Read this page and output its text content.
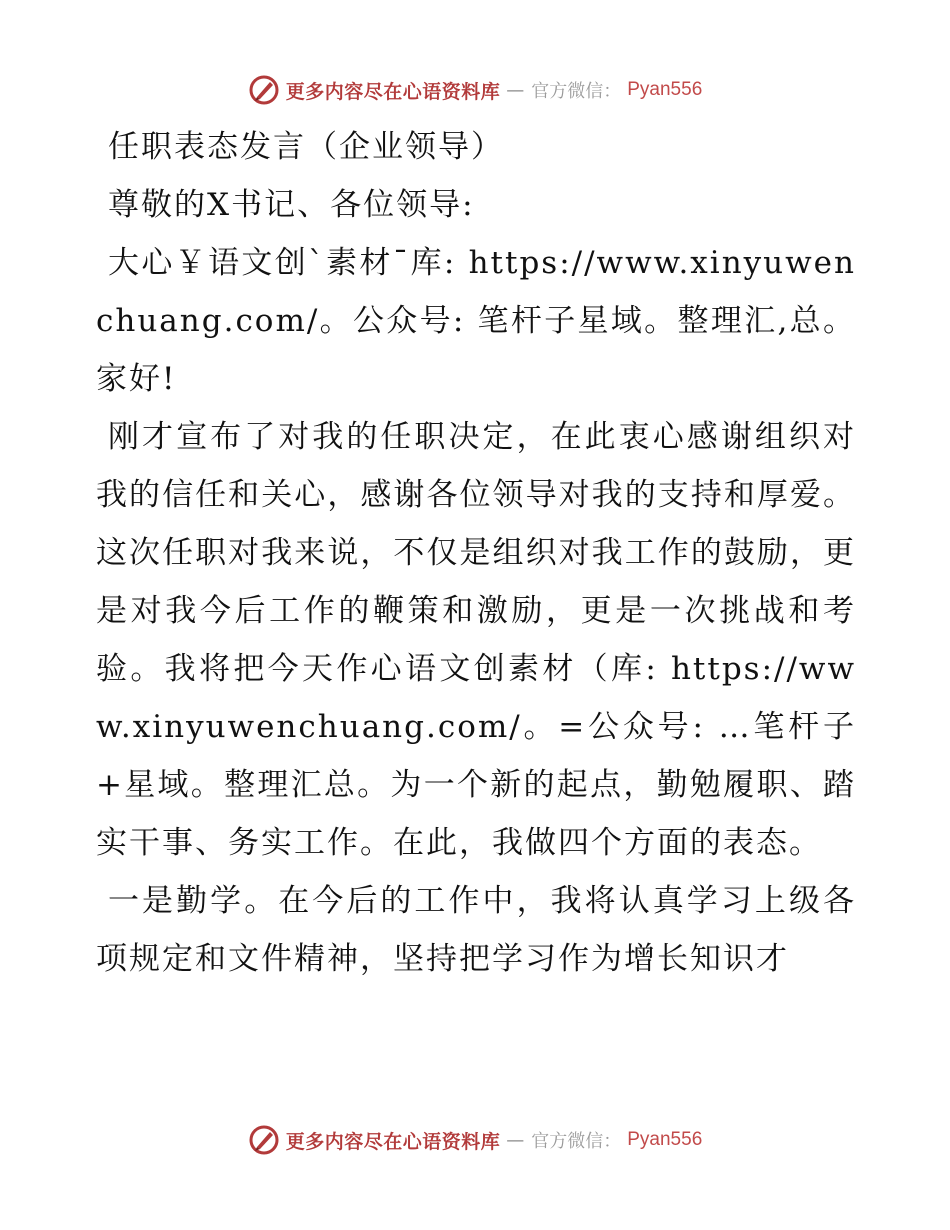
更多内容尽在心语资料库 — 官方微信： Pyan556

任职表态发言（企业领导）

尊敬的X书记、各位领导:

大心￥语文创`素材¯库: https://www.xinyuwenchuang.com/。公众号: 笔杆子星域。整理汇,总。家好!

刚才宣布了对我的任职决定，在此衷心感谢组织对我的信任和关心，感谢各位领导对我的支持和厚爱。这次任职对我来说，不仅是组织对我工作的鼓励，更是对我今后工作的鞭策和激励，更是一次挑战和考验。我将把今天作心语文创素材（库: https://www.xinyuwenchuang.com/。=公众号: …笔杆子+星域。整理汇总。为一个新的起点，勤勉履职、踏实干事、务实工作。在此，我做四个方面的表态。

一是勤学。在今后的工作中，我将认真学习上级各项规定和文件精神，坚持把学习作为增长知识才

更多内容尽在心语资料库 — 官方微信： Pyan556
